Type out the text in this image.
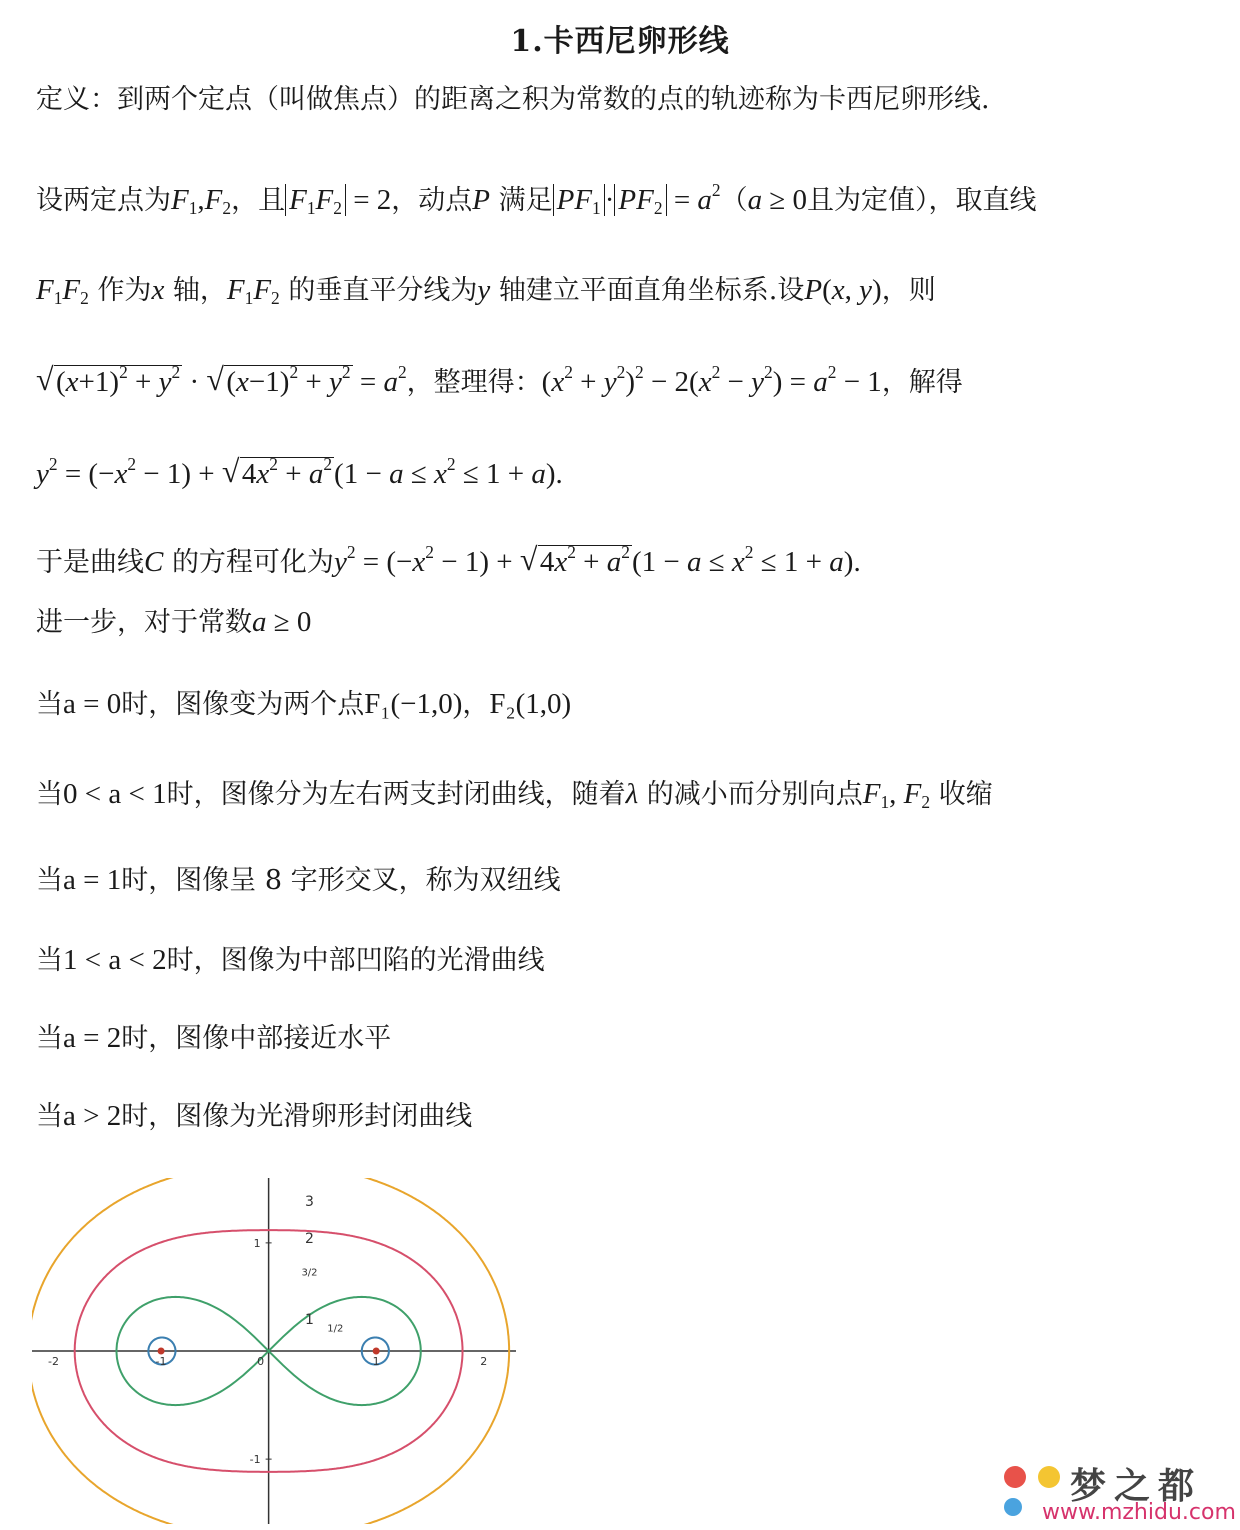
1.卡西尼卵形线
定义：到两个定点（叫做焦点）的距离之积为常数的点的轨迹称为卡西尼卵形线.
设两定点为$F_1,F_2$，且 $F_1F_2 = 2$，动点P 满足 $PF_1 \cdot PF_2 = a^2(a \ge 0$且为定值），取直线
$F_1F_2$ 作为x 轴，$F_1F_2$ 的垂直平分线为y 轴建立平面直角坐标系.设P(x, y)，则
√ $(x+1)^2 + y^2$ · √ $(x-1)^2 + y^2 = a^2$，整理得：$(x^2 + y^2)^2 - 2(x^2 - y^2) = a^2 - 1$，解得
$y^2 = (-x^2 - 1)$ + √ $4x^2 + a^2(1 - a \le x^2 \le 1 + a)$.
于是曲线C 的方程可化为$y^2 = (-x^2 - 1)$ + √ $4x^2 + a^2(1 - a \le x^2 \le 1 + a)$.
进一步，对于常数a ≥ 0
当a = 0时，图像变为两个点F₁(−1,0)，F₂(1,0)
当0 < a < 1时，图像分为左右两支封闭曲线，随着λ 的减小而分别向点$F_1$, $F_2$ 收缩
当a = 1时，图像呈 8 字形交叉，称为双纽线
当1 < a < 2时，图像为中部凹陷的光滑曲线
当a = 2时，图像中部接近水平
当a > 2时，图像为光滑卵形封闭曲线
-2	-1	0	1	2
1
-1
3
2
3/2
1
1/2
梦之都
www.mzhidu.com
